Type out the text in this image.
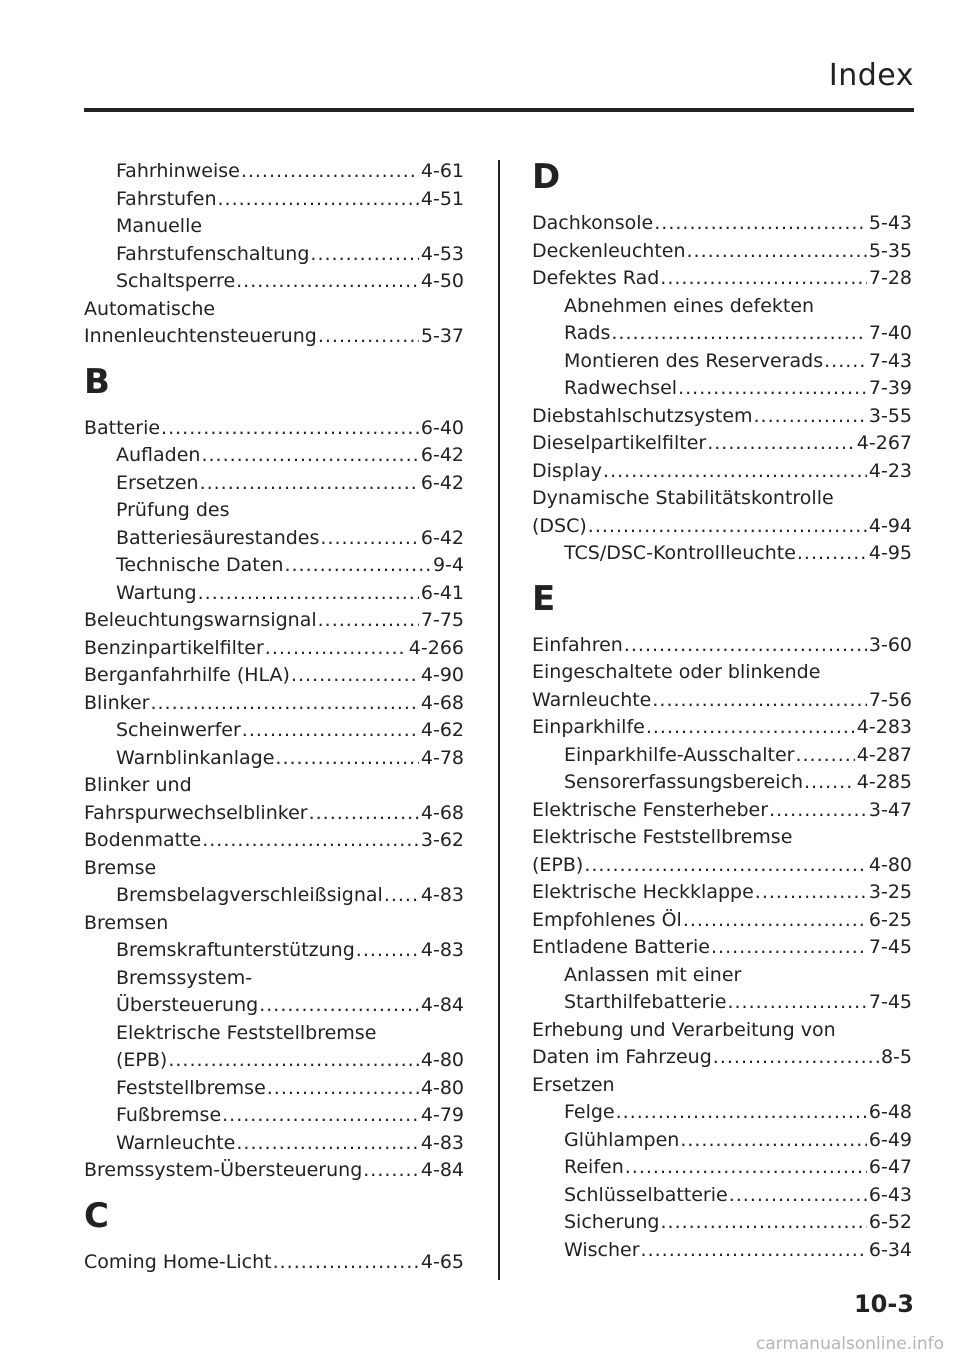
Index
Fahrhinweise .....	4-61
Fahrstufen .....	4-51
Manuelle
Fahrstufenschaltung .....	4-53
Schaltsperre .....	4-50
Automatische
Innenleuchtensteuerung .....	5-37
B
Batterie .....	6-40
Aufladen .....	6-42
Ersetzen .....	6-42
Prüfung des
Batteriesäurestandes .....	6-42
Technische Daten .....	9-4
Wartung .....	6-41
Beleuchtungswarnsignal .....	7-75
Benzinpartikelfilter .....	4-266
Berganfahrhilfe (HLA) .....	4-90
Blinker .....	4-68
Scheinwerfer .....	4-62
Warnblinkanlage .....	4-78
Blinker und
Fahrspurwechselblinker .....	4-68
Bodenmatte .....	3-62
Bremse
Bremsbelagverschleißsignal ..... 4-83
Bremsen
Bremskraftunterstützung .....	4-83
Bremssystem-
Übersteuerung .....	4-84
Elektrische Feststellbremse
(EPB) .....	4-80
Feststellbremse .....	4-80
Fußbremse .....	4-79
Warnleuchte .....	4-83
Bremssystem-Übersteuerung .....	4-84
C
Coming Home-Licht .....	4-65
D
Dachkonsole .....	5-43
Deckenleuchten .....	5-35
Defektes Rad .....	7-28
Abnehmen eines defekten
Rads .....	7-40
Montieren des Reserverads ..... 7-43
Radwechsel .....	7-39
Diebstahlschutzsystem .....	3-55
Dieselpartikelfilter .....	4-267
Display .....	4-23
Dynamische Stabilitätskontrolle
(DSC) .....	4-94
TCS/DSC-Kontrollleuchte .....	4-95
E
Einfahren .....	3-60
Eingeschaltete oder blinkende
Warnleuchte .....	7-56
Einparkhilfe .....	4-283
Einparkhilfe-Ausschalter .....	4-287
Sensorerfassungsbereich .....	4-285
Elektrische Fensterheber .....	3-47
Elektrische Feststellbremse
(EPB) .....	4-80
Elektrische Heckklappe .....	3-25
Empfohlenes Öl .....	6-25
Entladene Batterie .....	7-45
Anlassen mit einer
Starthilfebatterie .....	7-45
Erhebung und Verarbeitung von
Daten im Fahrzeug .....	8-5
Ersetzen
Felge .....	6-48
Glühlampen .....	6-49
Reifen .....	6-47
Schlüsselbatterie .....	6-43
Sicherung .....	6-52
Wischer .....	6-34
10-3
carmanualsonline.info
